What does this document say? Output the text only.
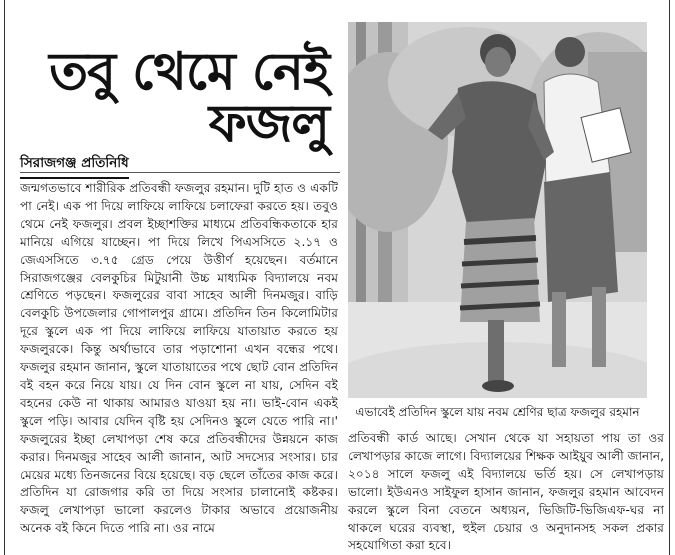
তবু থেমে নেই
ফজলু
সিরাজগঞ্জ প্রতিনিধি
জন্মগতভাবে শারীরিক প্রতিবন্ধী ফজলুর রহমান। দুটি হাত ও একটি পা নেই। এক পা দিয়ে লাফিয়ে লাফিয়ে চলাফেরা করতে হয়। তবুও থেমে নেই ফজলুর। প্রবল ইচ্ছাশক্তির মাধ্যমে প্রতিবন্ধিকতাকে হার মানিয়ে এগিয়ে যাচ্ছেন। পা দিয়ে লিখে পিএসসিতে ২.১৭ ও জেএসসিতে ৩.৭৫ গ্রেড পেয়ে উত্তীর্ণ হয়েছেন। বর্তমানে সিরাজগঞ্জের বেলকুচির মিটুয়ানী উচ্চ মাধ্যমিক বিদ্যালয়ে নবম শ্রেণিতে পড়ছেন। ফজলুরের বাবা সাহেব আলী দিনমজুর। বাড়ি বেলকুচি উপজেলার গোপালপুর গ্রামে। প্রতিদিন তিন কিলোমিটার দূরে স্কুলে এক পা দিয়ে লাফিয়ে লাফিয়ে যাতায়াত করতে হয় ফজলুরকে। কিন্তু অর্থাভাবে তার পড়াশোনা এখন বন্ধের পথে। ফজলুর রহমান জানান, স্কুলে যাতায়াতের পথে ছোট বোন প্রতিদিন বই বহন করে নিয়ে যায়। যে দিন বোন স্কুলে না যায়, সেদিন বই বহনের কেউ না থাকায় আমারও যাওয়া হয় না। ভাই-বোন একই স্কুলে পড়ি। আবার যেদিন বৃষ্টি হয় সেদিনও স্কুলে যেতে পারি না।' ফজলুরের ইচ্ছা লেখাপড়া শেষ করে প্রতিবন্ধীদের উন্নয়নে কাজ করার। দিনমজুর সাহেব আলী জানান, আট সদস্যের সংসার। চার মেয়ের মধ্যে তিনজনের বিয়ে হয়েছে। বড় ছেলে তাঁতের কাজ করে। প্রতিদিন যা রোজগার করি তা দিয়ে সংসার চালানোই কষ্টকর। ফজলু লেখাপড়া ভালো করলেও টাকার অভাবে প্রয়োজনীয় অনেক বই কিনে দিতে পারি না। ওর নামে
এভাবেই প্রতিদিন স্কুলে যায় নবম শ্রেণির ছাত্র ফজলুর রহমান
প্রতিবন্ধী কার্ড আছে। সেখান থেকে যা সহায়তা পায় তা ওর লেখাপড়ার কাজে লাগে। বিদ্যালয়ের শিক্ষক আইয়ুব আলী জানান, ২০১৪ সালে ফজলু এই বিদ্যালয়ে ভর্তি হয়। সে লেখাপড়ায় ভালো। ইউএনও সাইফুল হাসান জানান, ফজলুর রহমান আবেদন করলে স্কুলে বিনা বেতনে অধ্যয়ন, ভিজিটি-ভিজিএফ-ঘর না থাকলে ঘরের ব্যবস্থা, হুইল চেয়ার ও অনুদানসহ সকল প্রকার সহযোগিতা করা হবে।
